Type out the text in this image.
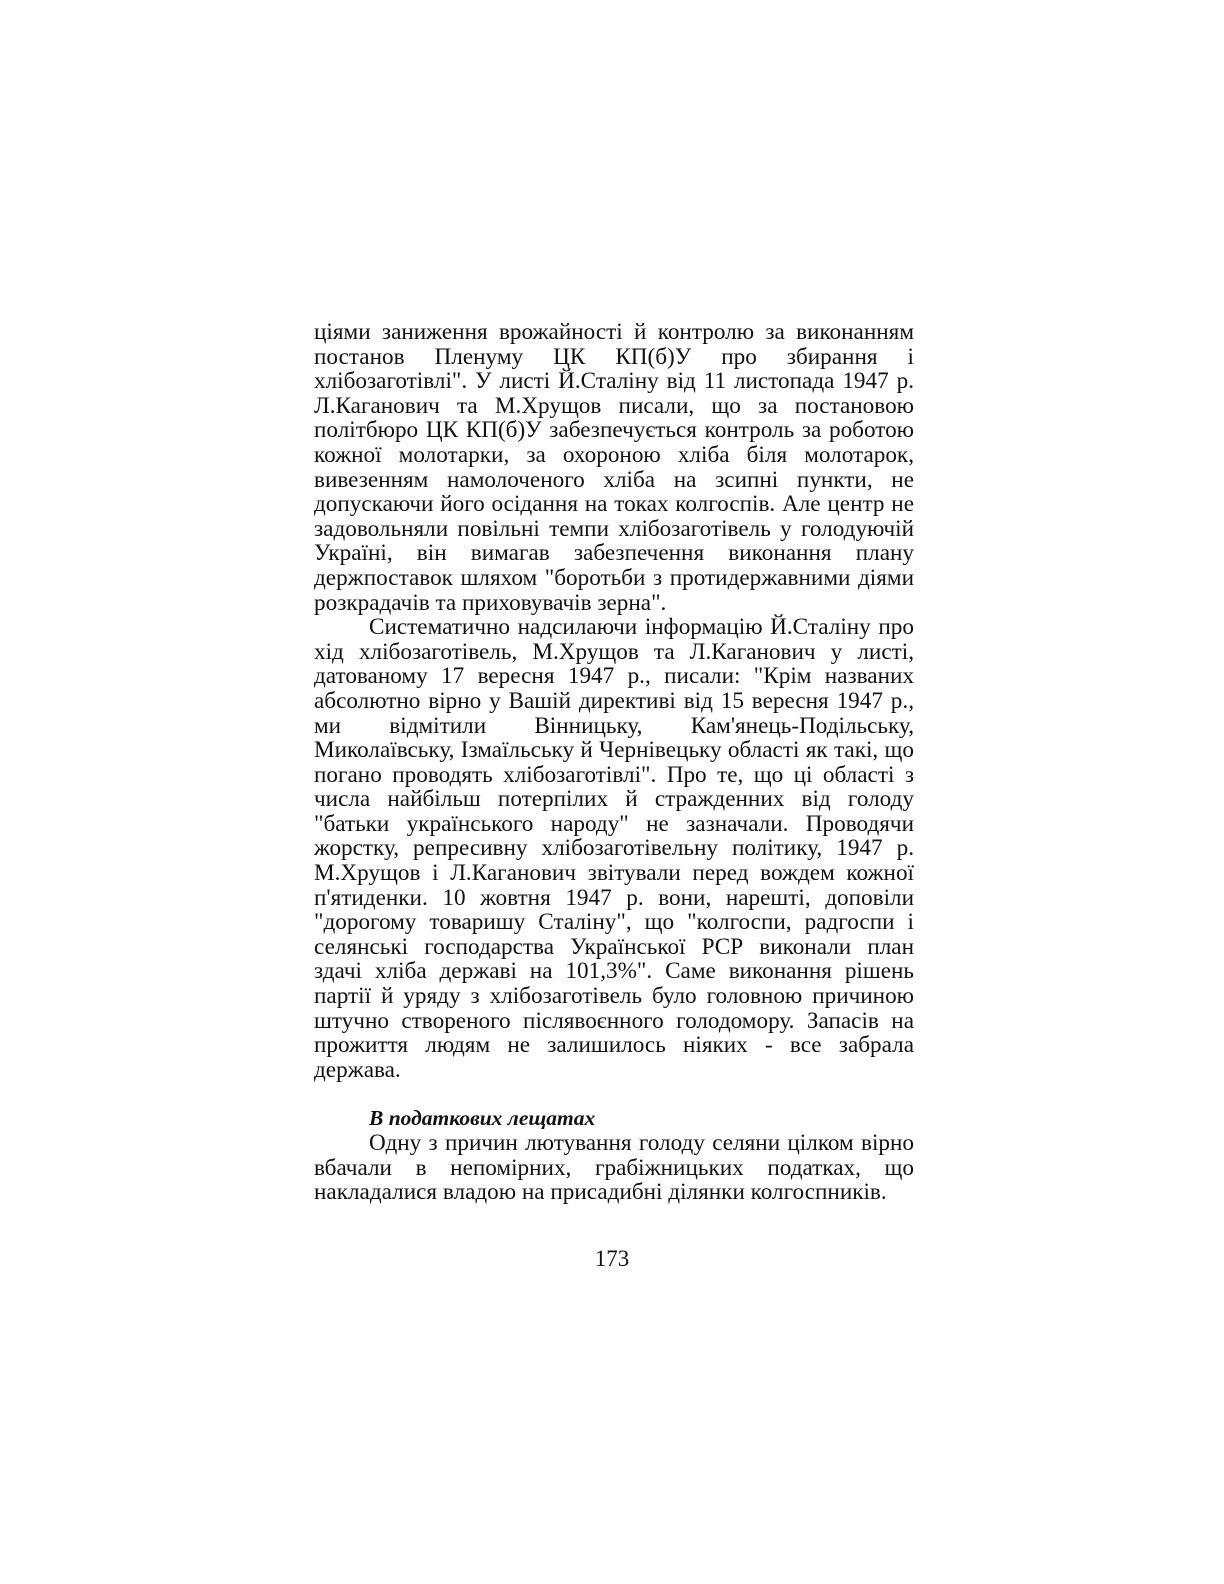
ціями заниження врожайності й контролю за виконанням постанов Пленуму ЦК КП(б)У про збирання і хлібозаготівлі". У листі Й.Сталіну від 11 листопада 1947 р. Л.Каганович та М.Хрущов писали, що за постановою політбюро ЦК КП(б)У забезпечується контроль за роботою кожної молотарки, за охороною хліба біля молотарок, вивезенням намолоченого хліба на зсипні пункти, не допускаючи його осідання на токах колгоспів. Але центр не задовольняли повільні темпи хлібозаготівель у голодуючій Україні, він вимагав забезпечення виконання плану держпоставок шляхом "боротьби з протидержавними діями розкрадачів та приховувачів зерна".

Систематично надсилаючи інформацію Й.Сталіну про хід хлібозаготівель, М.Хрущов та Л.Каганович у листі, датованому 17 вересня 1947 р., писали: "Крім названих абсолютно вірно у Вашій директиві від 15 вересня 1947 р., ми відмітили Вінницьку, Кам'янець-Подільську, Миколаївську, Ізмаїльську й Чернівецьку області як такі, що погано проводять хлібозаготівлі". Про те, що ці області з числа найбільш потерпілих й стражденних від голоду "батьки українського народу" не зазначали. Проводячи жорстку, репресивну хлібозаготівельну політику, 1947 р. М.Хрущов і Л.Каганович звітували перед вождем кожної п'ятиденки. 10 жовтня 1947 р. вони, нарешті, доповіли "дорогому товаришу Сталіну", що "колгоспи, радгоспи і селянські господарства Української РСР виконали план здачі хліба державі на 101,3%". Саме виконання рішень партії й уряду з хлібозаготівель було головною причиною штучно створеного післявоєнного голодомору. Запасів на прожиття людям не залишилось ніяких - все забрала держава.

В податкових лещатах

Одну з причин лютування голоду селяни цілком вірно вбачали в непомірних, грабіжницьких податках, що накладалися владою на присадибні ділянки колгоспників.

173
